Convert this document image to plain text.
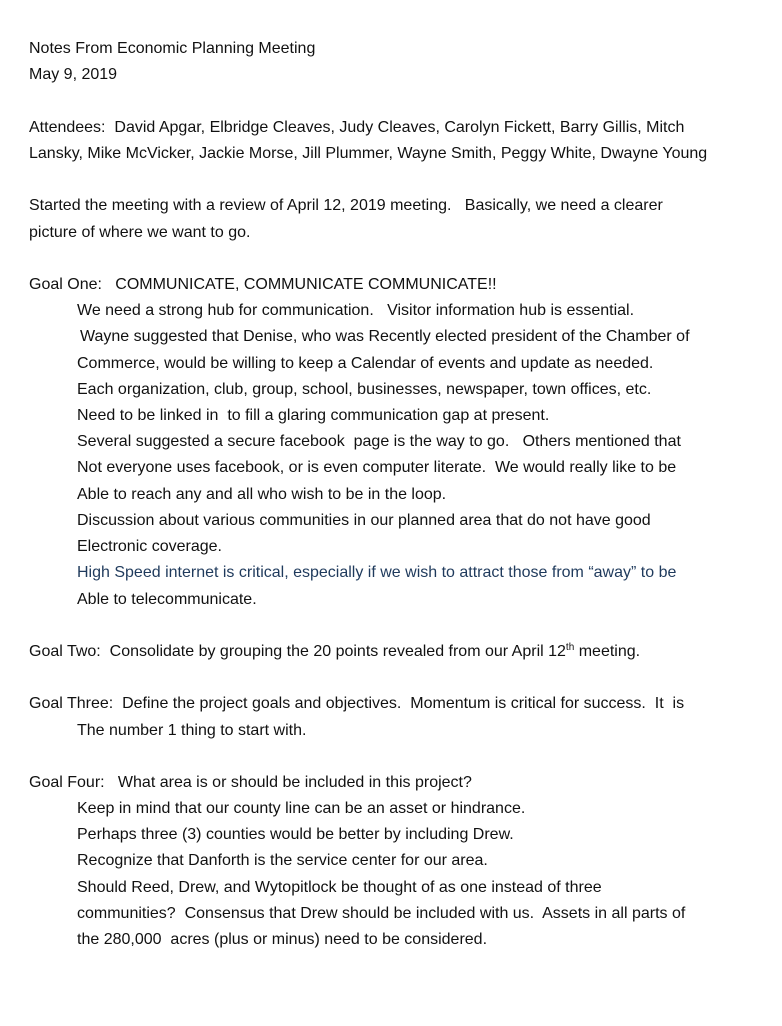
Notes From Economic Planning Meeting
May 9, 2019
Attendees:  David Apgar, Elbridge Cleaves, Judy Cleaves, Carolyn Fickett, Barry Gillis, Mitch
Lansky, Mike McVicker, Jackie Morse, Jill Plummer, Wayne Smith, Peggy White, Dwayne Young
Started the meeting with a review of April 12, 2019 meeting.   Basically, we need a clearer
picture of where we want to go.
Goal One:   COMMUNICATE, COMMUNICATE COMMUNICATE!!
We need a strong hub for communication.   Visitor information hub is essential.
Wayne suggested that Denise, who was Recently elected president of the Chamber of
Commerce, would be willing to keep a Calendar of events and update as needed.
Each organization, club, group, school, businesses, newspaper, town offices, etc.
Need to be linked in  to fill a glaring communication gap at present.
Several suggested a secure facebook  page is the way to go.   Others mentioned that
Not everyone uses facebook, or is even computer literate.  We would really like to be
Able to reach any and all who wish to be in the loop.
Discussion about various communities in our planned area that do not have good
Electronic coverage.
High Speed internet is critical, especially if we wish to attract those from “away” to be
Able to telecommunicate.
Goal Two:  Consolidate by grouping the 20 points revealed from our April 12th meeting.
Goal Three:  Define the project goals and objectives.  Momentum is critical for success.  It  is
The number 1 thing to start with.
Goal Four:   What area is or should be included in this project?
Keep in mind that our county line can be an asset or hindrance.
Perhaps three (3) counties would be better by including Drew.
Recognize that Danforth is the service center for our area.
Should Reed, Drew, and Wytopitlock be thought of as one instead of three
communities?  Consensus that Drew should be included with us.  Assets in all parts of
the 280,000  acres (plus or minus) need to be considered.
